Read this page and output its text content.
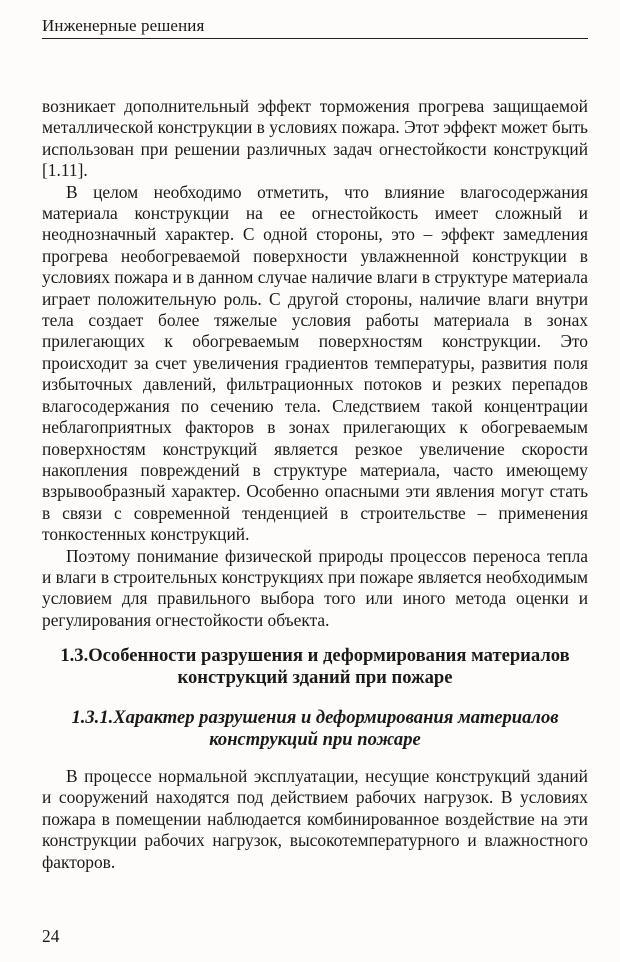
Инженерные решения

возникает дополнительный эффект торможения прогрева защищаемой металлической конструкции в условиях пожара. Этот эффект может быть использован при решении различных задач огнестойкости конструкций [1.11].

В целом необходимо отметить, что влияние влагосодержания материала конструкции на ее огнестойкость имеет сложный и неоднозначный характер. С одной стороны, это – эффект замедления прогрева необогреваемой поверхности увлажненной конструкции в условиях пожара и в данном случае наличие влаги в структуре материала играет положительную роль. С другой стороны, наличие влаги внутри тела создает более тяжелые условия работы материала в зонах прилегающих к обогреваемым поверхностям конструкции. Это происходит за счет увеличения градиентов температуры, развития поля избыточных давлений, фильтрационных потоков и резких перепадов влагосодержания по сечению тела. Следствием такой концентрации неблагоприятных факторов в зонах прилегающих к обогреваемым поверхностям конструкций является резкое увеличение скорости накопления повреждений в структуре материала, часто имеющему взрывообразный характер. Особенно опасными эти явления могут стать в связи с современной тенденцией в строительстве – применения тонкостенных конструкций.

Поэтому понимание физической природы процессов переноса тепла и влаги в строительных конструкциях при пожаре является необходимым условием для правильного выбора того или иного метода оценки и регулирования огнестойкости объекта.

1.3.Особенности разрушения и деформирования материалов конструкций зданий при пожаре
1.3.1.Характер разрушения и деформирования материалов конструкций при пожаре

В процессе нормальной эксплуатации, несущие конструкций зданий и сооружений находятся под действием рабочих нагрузок. В условиях пожара в помещении наблюдается комбинированное воздействие на эти конструкции рабочих нагрузок, высокотемпературного и влажностного факторов.

24
